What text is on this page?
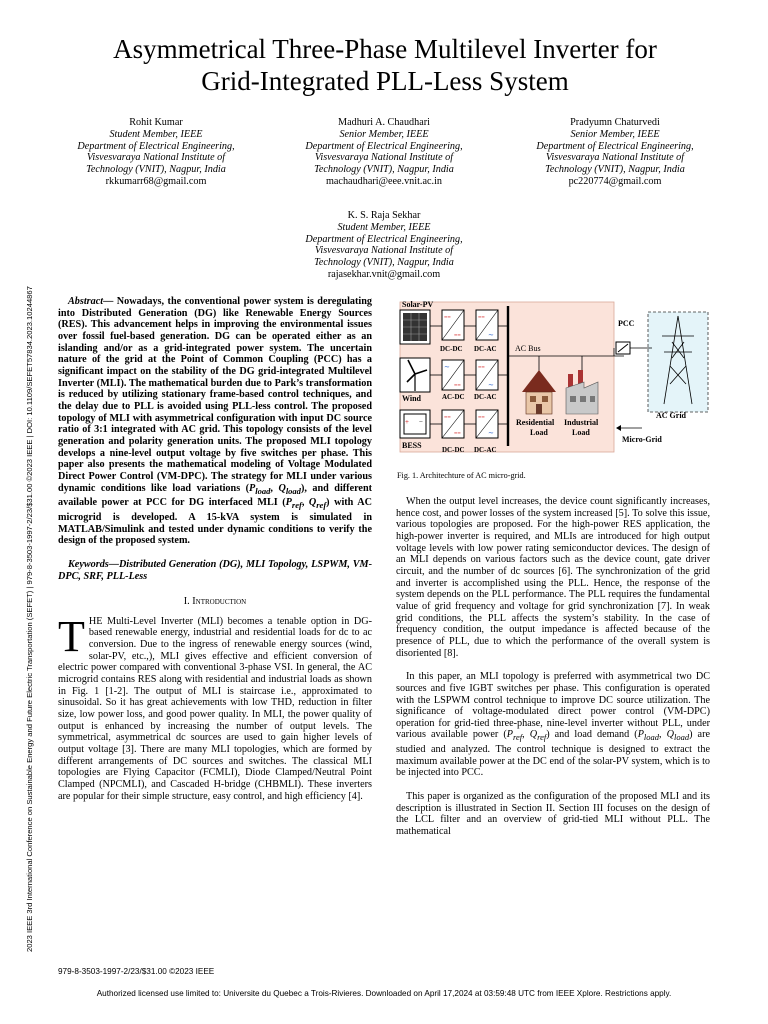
2023 IEEE 3rd International Conference on Sustainable Energy and Future Electric Transportation (SEFET) | 979-8-3503-1997-2/23/$31.00 ©2023 IEEE | DOI: 10.1109/SEFET57834.2023.10244867
Asymmetrical Three-Phase Multilevel Inverter for
Grid-Integrated PLL-Less System
Rohit Kumar
Student Member, IEEE
Department of Electrical Engineering,
Visvesvaraya National Institute of
Technology (VNIT), Nagpur, India
rkkumarr68@gmail.com
Madhuri A. Chaudhari
Senior Member, IEEE
Department of Electrical Engineering,
Visvesvaraya National Institute of
Technology (VNIT), Nagpur, India
machaudhari@eee.vnit.ac.in
Pradyumn Chaturvedi
Senior Member, IEEE
Department of Electrical Engineering,
Visvesvaraya National Institute of
Technology (VNIT), Nagpur, India
pc220774@gmail.com
K. S. Raja Sekhar
Student Member, IEEE
Department of Electrical Engineering,
Visvesvaraya National Institute of
Technology (VNIT), Nagpur, India
rajasekhar.vnit@gmail.com

Abstract— Nowadays, the conventional power system is deregulating into Distributed Generation (DG) like Renewable Energy Sources (RES). This advancement helps in improving the environmental issues over fossil fuel-based generation. DG can be operated either as an islanding and/or as a grid-integrated power system. The uncertain nature of the grid at the Point of Common Coupling (PCC) has a significant impact on the stability of the DG grid-integrated Multilevel Inverter (MLI). The mathematical burden due to Park’s transformation is reduced by utilizing stationary frame-based control techniques, and the delay due to PLL is avoided using PLL-less control. The proposed topology of MLI with asymmetrical configuration with input DC source ratio of 3:1 integrated with AC grid. This topology consists of the level generation and polarity generation units. The proposed MLI topology develops a nine-level output voltage by five switches per phase. This paper also presents the mathematical modeling of Voltage Modulated Direct Power Control (VM-DPC). The strategy for MLI under various dynamic conditions like load variations ($P_{load}$, $Q_{load}$), and different available power at PCC for DG interfaced MLI ($P_{ref}$, $Q_{ref}$) with AC microgrid is developed. A 15-kVA system is simulated in MATLAB/Simulink and tested under dynamic conditions to verify the design of the proposed system.

Keywords—Distributed Generation (DG), MLI Topology, LSPWM, VM-DPC, SRF, PLL-Less

I. Introduction

THE Multi-Level Inverter (MLI) becomes a tenable option in DG-based renewable energy, industrial and residential loads for dc to ac conversion. Due to the ingress of renewable energy sources (wind, solar-PV, etc.,), MLI gives effective and efficient conversion of electric power compared with conventional 3-phase VSI. In general, the AC microgrid contains RES along with residential and industrial loads as shown in Fig. 1 [1-2]. The output of MLI is staircase i.e., approximated to sinusoidal. So it has great achievements with low THD, reduction in filter size, low power loss, and good power quality. In MLI, the power quality of output is enhanced by increasing the number of output levels. The symmetrical, asymmetrical dc sources are used to gain higher levels of output voltage [3]. There are many MLI topologies, which are formed by different arrangements of DC sources and switches. The classical MLI topologies are Flying Capacitor (FCMLI), Diode Clamped/Neutral Point Clamped (NPCMLI), and Cascaded H-bridge (CHBMLI). These inverters are popular for their simple structure, easy control, and high efficiency [4].

Solar-PV
Wind
+ −
BESS
==
==
==
∼
DC-DC DC-AC
∼
==
==
∼
AC-DC DC-AC
==
==
==
∼
DC-DC DC-AC
AC Bus
Residential
Load
Industrial
Load
PCC
AC Grid
Micro-Grid
Fig. 1. Architechture of AC micro-grid.

When the output level increases, the device count significantly increases, hence cost, and power losses of the system increased [5]. To solve this issue, various topologies are proposed. For the high-power RES application, the high-power inverter is required, and MLIs are introduced for high output voltage levels with low power rating semiconductor devices. The design of an MLI depends on various factors such as the device count, gate driver circuit, and the number of dc sources [6]. The synchronization of the grid and inverter is accomplished using the PLL. Hence, the response of the system depends on the PLL performance. The PLL requires the fundamental value of grid frequency and voltage for grid synchronization [7]. In weak grid conditions, the PLL affects the system’s stability. In the case of frequency condition, the output impedance is affected because of the presence of PLL, due to which the performance of the overall system is disoriented [8].

In this paper, an MLI topology is preferred with asymmetrical two DC sources and five IGBT switches per phase. This configuration is operated with the LSPWM control technique to improve DC source utilization. The significance of voltage-modulated direct power control (VM-DPC) operation for grid-tied three-phase, nine-level inverter without PLL, under various available power ($P_{ref}$, $Q_{ref}$) and load demand ($P_{load}$, $Q_{load}$) are studied and analyzed. The control technique is designed to extract the maximum available power at the DC end of the solar-PV system, which is to be injected into PCC.

This paper is organized as the configuration of the proposed MLI and its description is illustrated in Section II. Section III focuses on the design of the LCL filter and an overview of grid-tied MLI without PLL. The mathematical

979-8-3503-1997-2/23/$31.00 ©2023 IEEE
Authorized licensed use limited to: Universite du Quebec a Trois-Rivieres. Downloaded on April 17,2024 at 03:59:48 UTC from IEEE Xplore. Restrictions apply.
